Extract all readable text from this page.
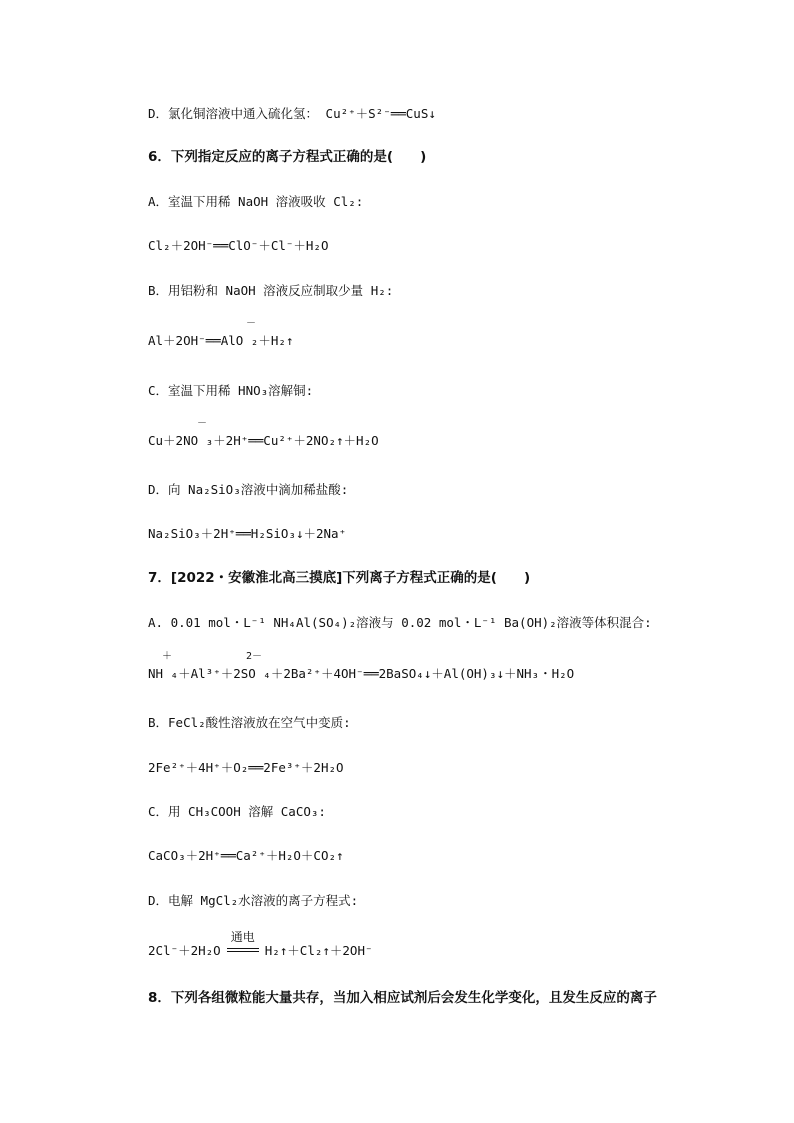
D．氯化铜溶液中通入硫化氢： Cu²⁺＋S²⁻══CuS↓
6．下列指定反应的离子方程式正确的是(　　)
A．室温下用稀 NaOH 溶液吸收 Cl₂:
Cl₂＋2OH⁻══ClO⁻＋Cl⁻＋H₂O
B．用铝粉和 NaOH 溶液反应制取少量 H₂:
－
Al＋2OH⁻══AlO ₂＋H₂↑
C．室温下用稀 HNO₃溶解铜:
－
Cu＋2NO ₃＋2H⁺══Cu²⁺＋2NO₂↑＋H₂O
D．向 Na₂SiO₃溶液中滴加稀盐酸:
Na₂SiO₃＋2H⁺══H₂SiO₃↓＋2Na⁺
7．[2022・安徽淮北高三摸底]下列离子方程式正确的是(　　)
A. 0.01 mol・L⁻¹ NH₄Al(SO₄)₂溶液与 0.02 mol・L⁻¹ Ba(OH)₂溶液等体积混合:
＋	2－
NH ₄＋Al³⁺＋2SO ₄＋2Ba²⁺＋4OH⁻══2BaSO₄↓＋Al(OH)₃↓＋NH₃・H₂O
B．FeCl₂酸性溶液放在空气中变质:
2Fe²⁺＋4H⁺＋O₂══2Fe³⁺＋2H₂O
C．用 CH₃COOH 溶解 CaCO₃:
CaCO₃＋2H⁺══Ca²⁺＋H₂O＋CO₂↑
D．电解 MgCl₂水溶液的离子方程式:
2Cl⁻＋2H₂O
通电
H₂↑＋Cl₂↑＋2OH⁻
8．下列各组微粒能大量共存，当加入相应试剂后会发生化学变化，且发生反应的离子
